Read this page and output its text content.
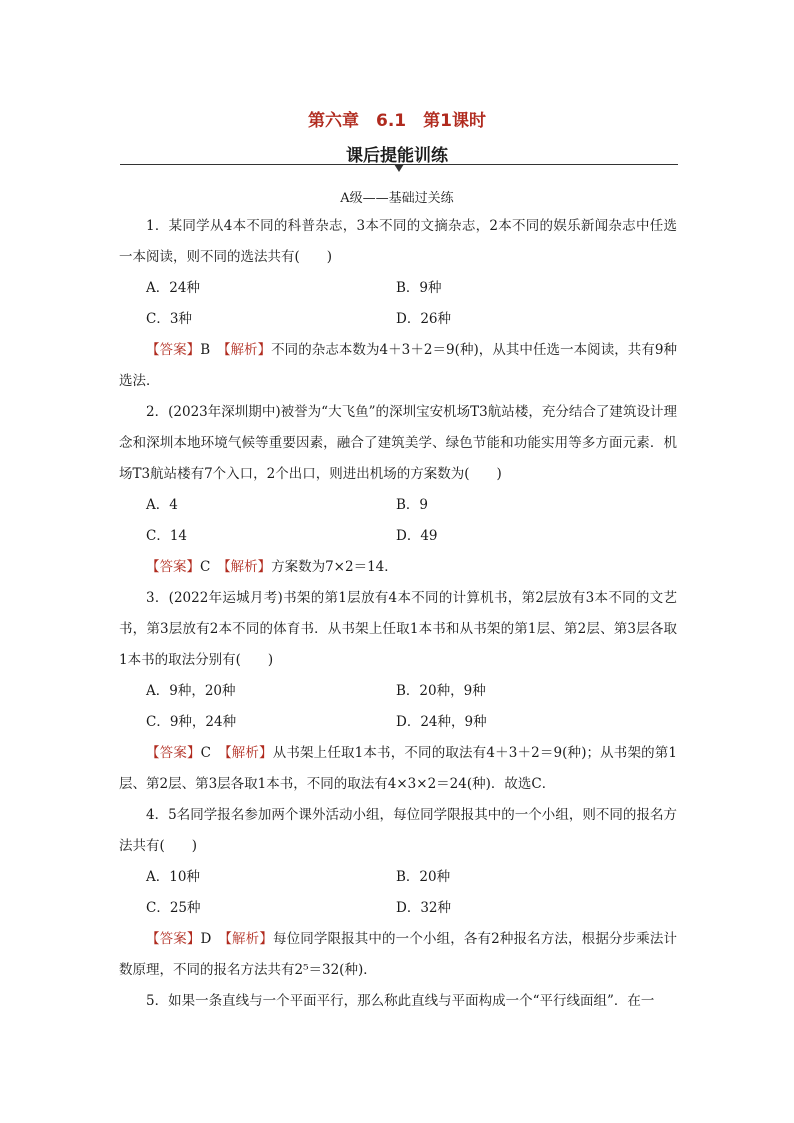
第六章　6.1　第1课时
课后提能训练
A级——基础过关练

1．某同学从4本不同的科普杂志，3本不同的文摘杂志，2本不同的娱乐新闻杂志中任选一本阅读，则不同的选法共有(　　)

A．24种	B．9种
C．3种	D．26种

【答案】B　 【解析】不同的杂志本数为4＋3＋2＝9(种)，从其中任选一本阅读，共有9种选法．

2．(2023年深圳期中)被誉为“大飞鱼”的深圳宝安机场T3航站楼，充分结合了建筑设计理念和深圳本地环境气候等重要因素，融合了建筑美学、绿色节能和功能实用等多方面元素．机场T3航站楼有7个入口，2个出口，则进出机场的方案数为(　　)

A．4	B．9
C．14	D．49

【答案】C　 【解析】方案数为7×2＝14．

3．(2022年运城月考)书架的第1层放有4本不同的计算机书，第2层放有3本不同的文艺书，第3层放有2本不同的体育书．从书架上任取1本书和从书架的第1层、第2层、第3层各取1本书的取法分别有(　　)

A．9种，20种	B．20种，9种
C．9种，24种	D．24种，9种

【答案】C　 【解析】从书架上任取1本书，不同的取法有4＋3＋2＝9(种)；从书架的第1层、第2层、第3层各取1本书，不同的取法有4×3×2＝24(种)．故选C．

4．5名同学报名参加两个课外活动小组，每位同学限报其中的一个小组，则不同的报名方法共有(　　)

A．10种	B．20种
C．25种	D．32种

【答案】D　 【解析】每位同学限报其中的一个小组，各有2种报名方法，根据分步乘法计数原理，不同的报名方法共有2⁵＝32(种)．

5．如果一条直线与一个平面平行，那么称此直线与平面构成一个“平行线面组”．在一
